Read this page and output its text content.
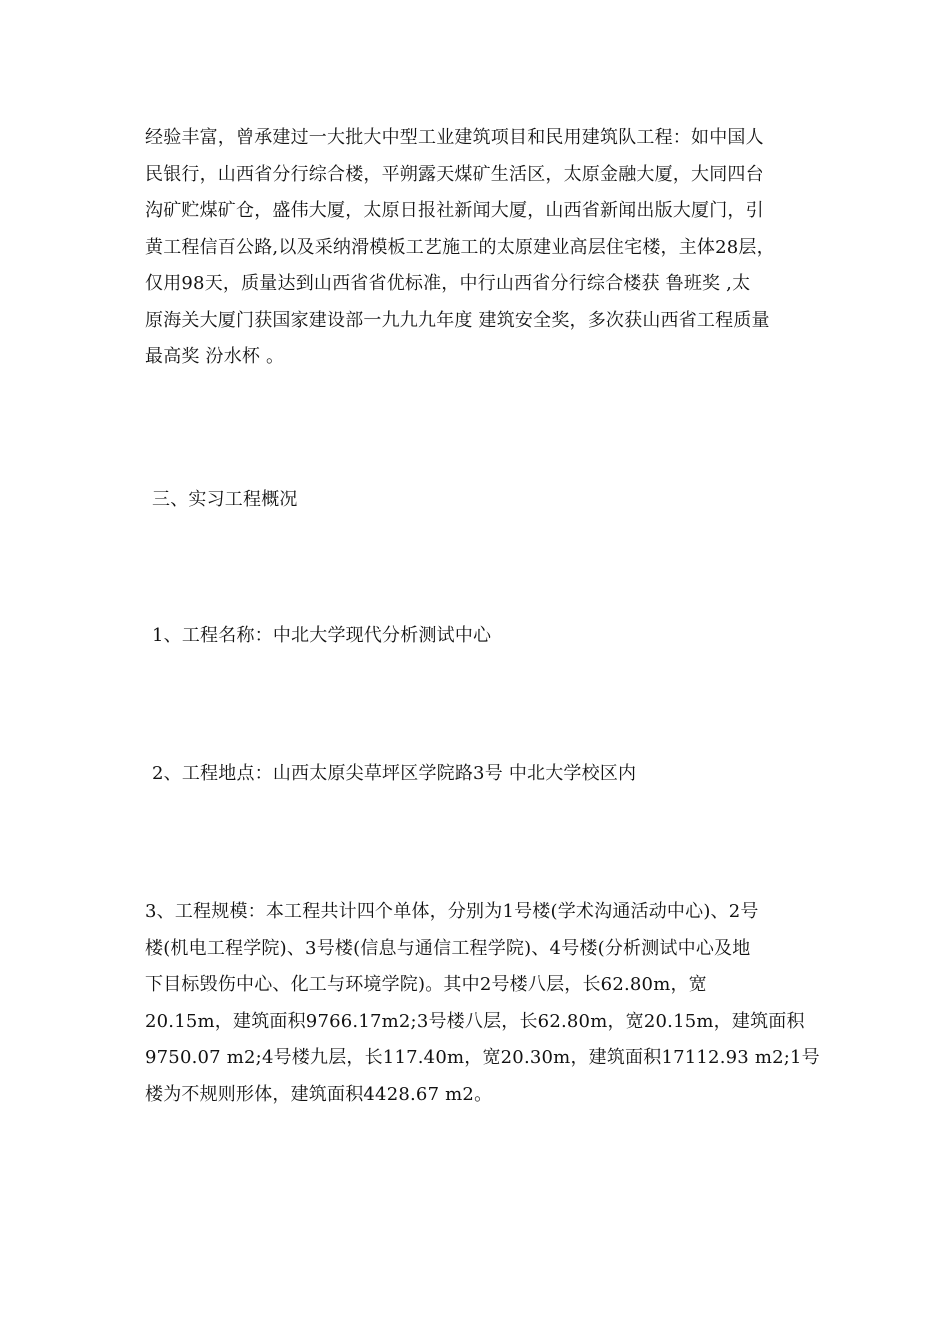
经验丰富，曾承建过一大批大中型工业建筑项目和民用建筑队工程：如中国人
民银行，山西省分行综合楼，平朔露天煤矿生活区，太原金融大厦，大同四台
沟矿贮煤矿仓，盛伟大厦，太原日报社新闻大厦，山西省新闻出版大厦门，引
黄工程信百公路,以及采纳滑模板工艺施工的太原建业高层住宅楼，主体28层，
仅用98天，质量达到山西省省优标准，中行山西省分行综合楼获 鲁班奖 ,太
原海关大厦门获国家建设部一九九九年度 建筑安全奖，多次获山西省工程质量
最高奖 汾水杯 。
三、实习工程概况
1、工程名称：中北大学现代分析测试中心
2、工程地点：山西太原尖草坪区学院路3号 中北大学校区内
3、工程规模：本工程共计四个单体，分别为1号楼(学术沟通活动中心)、2号
楼(机电工程学院)、3号楼(信息与通信工程学院)、4号楼(分析测试中心及地
下目标毁伤中心、化工与环境学院)。其中2号楼八层，长62.80m，宽
20.15m，建筑面积9766.17m2;3号楼八层，长62.80m，宽20.15m，建筑面积
9750.07 m2;4号楼九层，长117.40m，宽20.30m，建筑面积17112.93 m2;1号
楼为不规则形体，建筑面积4428.67 m2。
